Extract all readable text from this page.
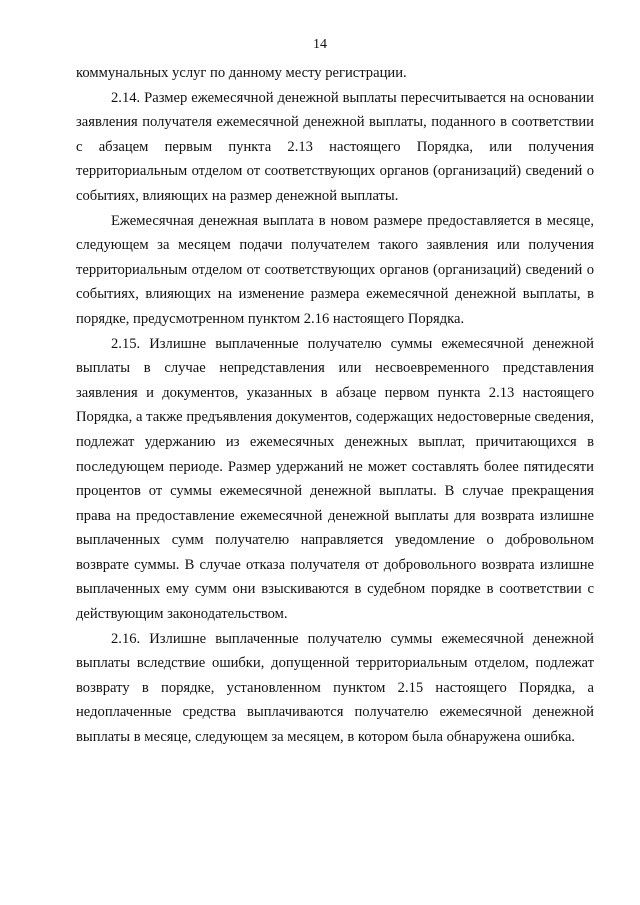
14

коммунальных услуг по данному месту регистрации.

2.14. Размер ежемесячной денежной выплаты пересчитывается на основании заявления получателя ежемесячной денежной выплаты, поданного в соответствии с абзацем первым пункта 2.13 настоящего Порядка, или получения территориальным отделом от соответствующих органов (организаций) сведений о событиях, влияющих на размер денежной выплаты.

Ежемесячная денежная выплата в новом размере предоставляется в месяце, следующем за месяцем подачи получателем такого заявления или получения территориальным отделом от соответствующих органов (организаций) сведений о событиях, влияющих на изменение размера ежемесячной денежной выплаты, в порядке, предусмотренном пунктом 2.16 настоящего Порядка.

2.15. Излишне выплаченные получателю суммы ежемесячной денежной выплаты в случае непредставления или несвоевременного представления заявления и документов, указанных в абзаце первом пункта 2.13 настоящего Порядка, а также предъявления документов, содержащих недостоверные сведения, подлежат удержанию из ежемесячных денежных выплат, причитающихся в последующем периоде. Размер удержаний не может составлять более пятидесяти процентов от суммы ежемесячной денежной выплаты. В случае прекращения права на предоставление ежемесячной денежной выплаты для возврата излишне выплаченных сумм получателю направляется уведомление о добровольном возврате суммы. В случае отказа получателя от добровольного возврата излишне выплаченных ему сумм они взыскиваются в судебном порядке в соответствии с действующим законодательством.

2.16. Излишне выплаченные получателю суммы ежемесячной денежной выплаты вследствие ошибки, допущенной территориальным отделом, подлежат возврату в порядке, установленном пунктом 2.15 настоящего Порядка, а недоплаченные средства выплачиваются получателю ежемесячной денежной выплаты в месяце, следующем за месяцем, в котором была обнаружена ошибка.
